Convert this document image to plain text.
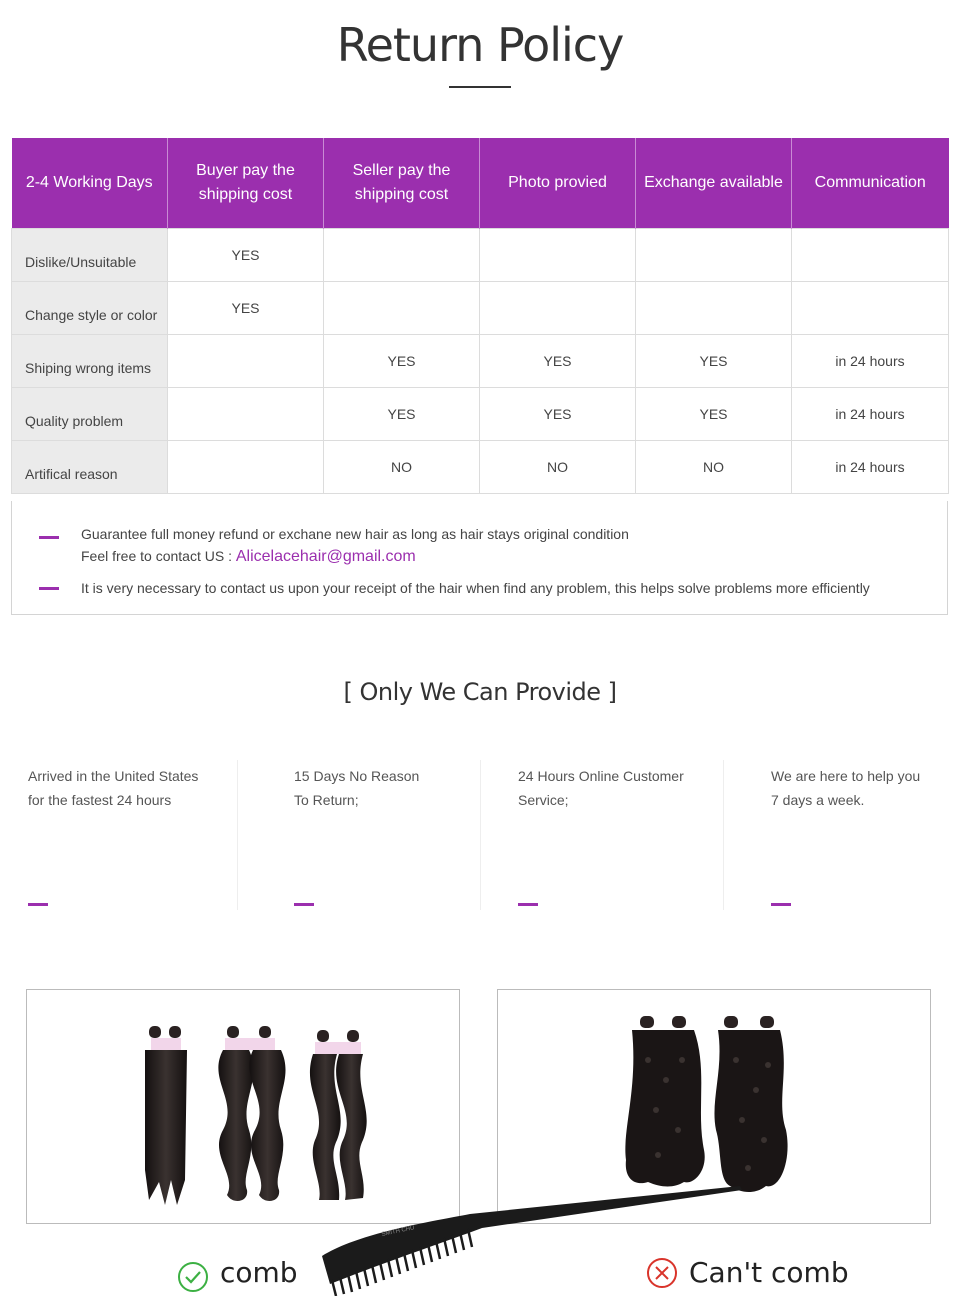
Return Policy
2-4 Working Days	Buyer pay the shipping cost	Seller pay the shipping cost	Photo provied	Exchange available	Communication
Dislike/Unsuitable	YES				
Change style or color	YES				
Shiping wrong items		YES	YES	YES	in 24 hours
Quality problem		YES	YES	YES	in 24 hours
Artifical reason		NO	NO	NO	in 24 hours
Guarantee full money refund or exchane new hair as long as hair stays original condition
Feel free to contact US : Alicelacehair@gmail.com
It is very necessary to contact us upon your receipt of the hair when find any problem, this helps solve problems more efficiently
[ Only We Can Provide ]
Arrived in the United States
for the fastest 24 hours
15 Days No Reason
To Return;
24 Hours Online Customer
Service;
We are here to help you
7 days a week.
SMITH CHU
comb	Can't comb
